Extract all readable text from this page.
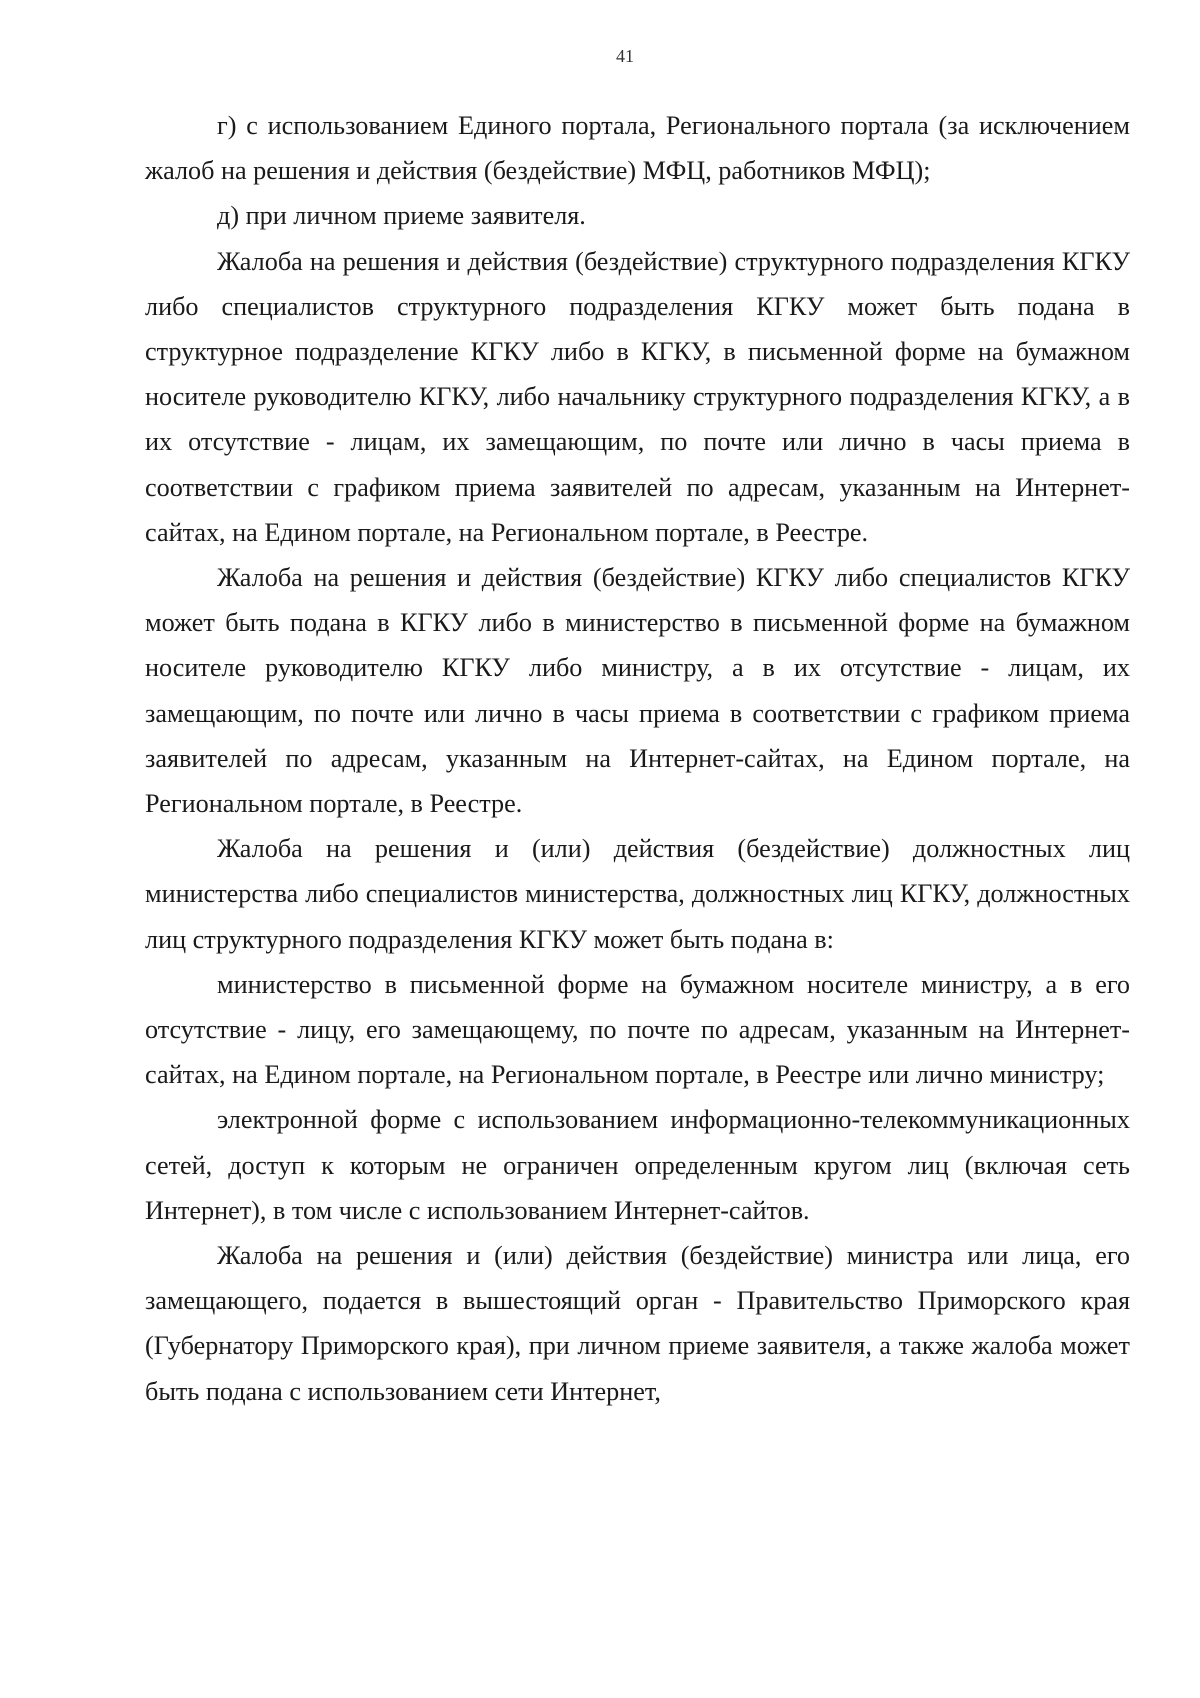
41

г) с использованием Единого портала, Регионального портала (за исключением жалоб на решения и действия (бездействие) МФЦ, работников МФЦ);

д) при личном приеме заявителя.

Жалоба на решения и действия (бездействие) структурного подразделения КГКУ либо специалистов структурного подразделения КГКУ может быть подана в структурное подразделение КГКУ либо в КГКУ, в письменной форме на бумажном носителе руководителю КГКУ, либо начальнику структурного подразделения КГКУ, а в их отсутствие - лицам, их замещающим, по почте или лично в часы приема в соответствии с графиком приема заявителей по адресам, указанным на Интернет-сайтах, на Едином портале, на Региональном портале, в Реестре.

Жалоба на решения и действия (бездействие) КГКУ либо специалистов КГКУ может быть подана в КГКУ либо в министерство в письменной форме на бумажном носителе руководителю КГКУ либо министру, а в их отсутствие - лицам, их замещающим, по почте или лично в часы приема в соответствии с графиком приема заявителей по адресам, указанным на Интернет-сайтах, на Едином портале, на Региональном портале, в Реестре.

Жалоба на решения и (или) действия (бездействие) должностных лиц министерства либо специалистов министерства, должностных лиц КГКУ, должностных лиц структурного подразделения КГКУ может быть подана в:

министерство в письменной форме на бумажном носителе министру, а в его отсутствие - лицу, его замещающему, по почте по адресам, указанным на Интернет-сайтах, на Едином портале, на Региональном портале, в Реестре или лично министру;

электронной форме с использованием информационно-телекоммуникационных сетей, доступ к которым не ограничен определенным кругом лиц (включая сеть Интернет), в том числе с использованием Интернет-сайтов.

Жалоба на решения и (или) действия (бездействие) министра или лица, его замещающего, подается в вышестоящий орган - Правительство Приморского края (Губернатору Приморского края), при личном приеме заявителя, а также жалоба может быть подана с использованием сети Интернет,
